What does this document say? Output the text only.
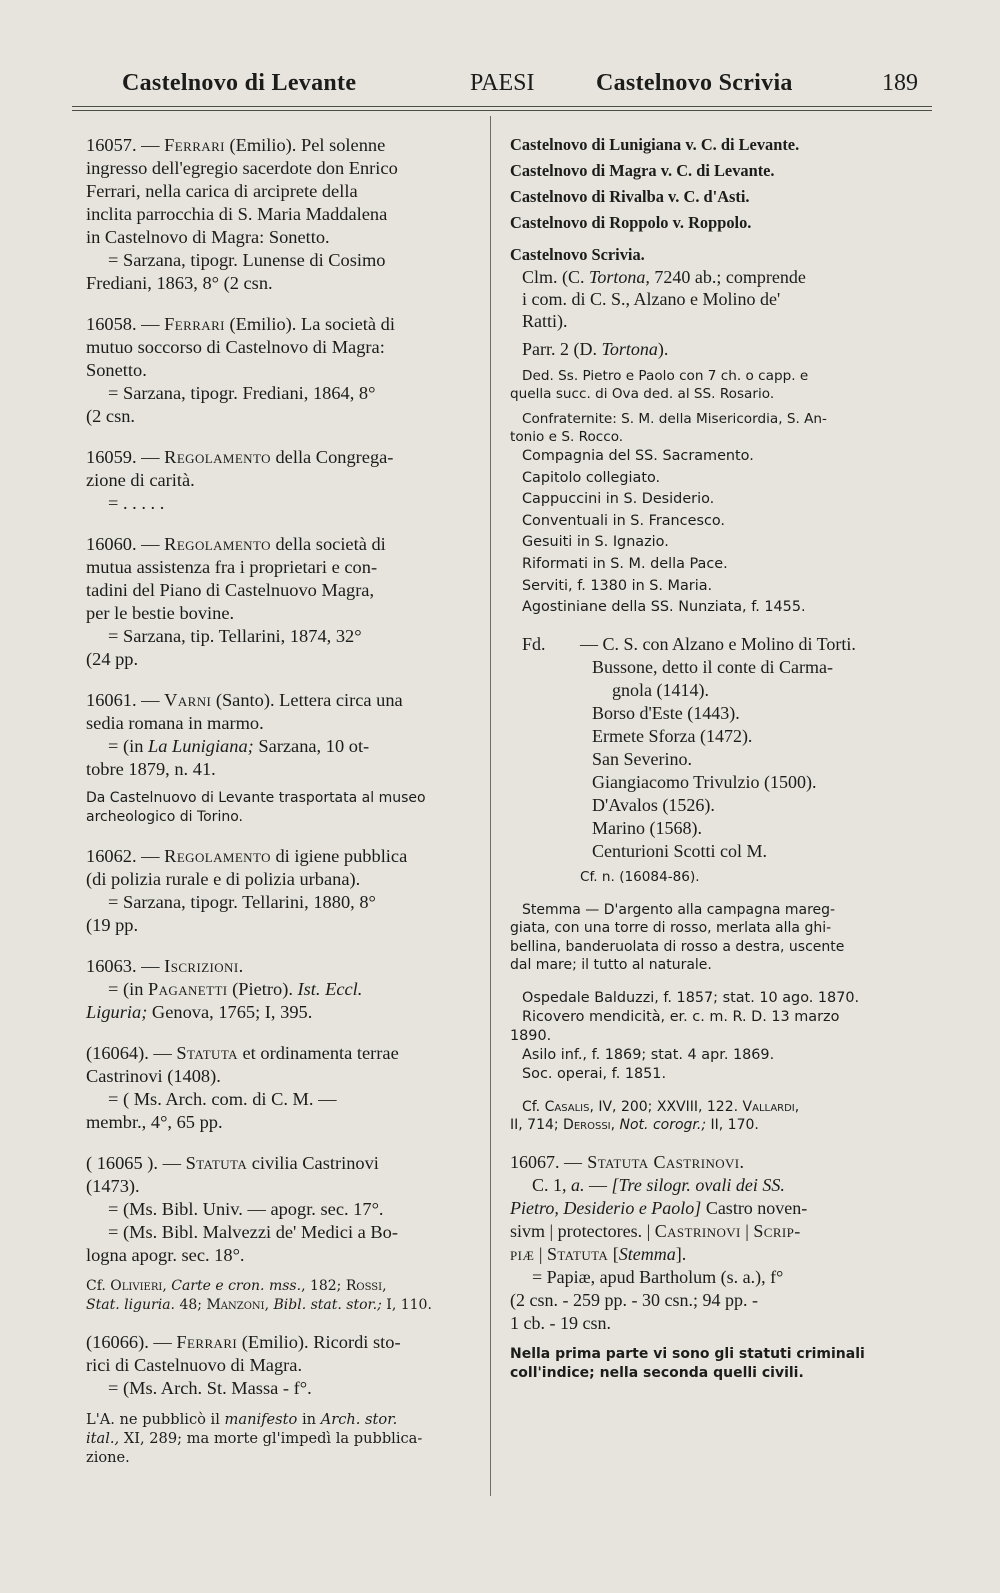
Castelnovo di Levante	PAESI	Castelnovo Scrivia	189
16057. — Ferrari (Emilio). Pel solenne
ingresso dell'egregio sacerdote don Enrico
Ferrari, nella carica di arciprete della
inclita parrocchia di S. Maria Maddalena
in Castelnovo di Magra: Sonetto.
= Sarzana, tipogr. Lunense di Cosimo
Frediani, 1863, 8° (2 csn.
16058. — Ferrari (Emilio). La società di
mutuo soccorso di Castelnovo di Magra:
Sonetto.
= Sarzana, tipogr. Frediani, 1864, 8°
(2 csn.
16059. — Regolamento della Congrega-
zione di carità.
= . . . . .
16060. — Regolamento della società di
mutua assistenza fra i proprietari e con-
tadini del Piano di Castelnuovo Magra,
per le bestie bovine.
= Sarzana, tip. Tellarini, 1874, 32°
(24 pp.
16061. — Varni (Santo). Lettera circa una
sedia romana in marmo.
= (in La Lunigiana; Sarzana, 10 ot-
tobre 1879, n. 41.
Da Castelnuovo di Levante trasportata al museo
archeologico di Torino.
16062. — Regolamento di igiene pubblica
(di polizia rurale e di polizia urbana).
= Sarzana, tipogr. Tellarini, 1880, 8°
(19 pp.
16063. — Iscrizioni.
= (in Paganetti (Pietro). Ist. Eccl.
Liguria; Genova, 1765; I, 395.
(16064). — Statuta et ordinamenta terrae
Castrinovi (1408).
= ( Ms. Arch. com. di C. M. —
membr., 4°, 65 pp.
( 16065 ). — Statuta civilia Castrinovi
(1473).
= (Ms. Bibl. Univ. — apogr. sec. 17°.
= (Ms. Bibl. Malvezzi de' Medici a Bo-
logna apogr. sec. 18°.
Cf. Olivieri, Carte e cron. mss., 182; Rossi,
Stat. liguria. 48; Manzoni, Bibl. stat. stor.; I, 110.
(16066). — Ferrari (Emilio). Ricordi sto-
rici di Castelnuovo di Magra.
= (Ms. Arch. St. Massa - f°.
L'A. ne pubblicò il manifesto in Arch. stor.
ital., XI, 289; ma morte gl'impedì la pubblica-
zione.
Castelnovo di Lunigiana v. C. di Levante.
Castelnovo di Magra v. C. di Levante.
Castelnovo di Rivalba v. C. d'Asti.
Castelnovo di Roppolo v. Roppolo.
Castelnovo Scrivia.
Clm. (C. Tortona, 7240 ab.; comprende
i com. di C. S., Alzano e Molino de'
Ratti).
Parr. 2 (D. Tortona).
Ded. Ss. Pietro e Paolo con 7 ch. o capp. e
quella succ. di Ova ded. al SS. Rosario.
Confraternite: S. M. della Misericordia, S. An-
tonio e S. Rocco.
Compagnia del SS. Sacramento.
Capitolo collegiato.
Cappuccini in S. Desiderio.
Conventuali in S. Francesco.
Gesuiti in S. Ignazio.
Riformati in S. M. della Pace.
Serviti, f. 1380 in S. Maria.
Agostiniane della SS. Nunziata, f. 1455.
Fd. — C. S. con Alzano e Molino di Torti.
Bussone, detto il conte di Carma-
gnola (1414).
Borso d'Este (1443).
Ermete Sforza (1472).
San Severino.
Giangiacomo Trivulzio (1500).
D'Avalos (1526).
Marino (1568).
Centurioni Scotti col M.
Cf. n. (16084-86).
Stemma — D'argento alla campagna mareg-
giata, con una torre di rosso, merlata alla ghi-
bellina, banderuolata di rosso a destra, uscente
dal mare; il tutto al naturale.
Ospedale Balduzzi, f. 1857; stat. 10 ago. 1870.
Ricovero mendicità, er. c. m. R. D. 13 marzo
1890.
Asilo inf., f. 1869; stat. 4 apr. 1869.
Soc. operai, f. 1851.
Cf. Casalis, IV, 200; XXVIII, 122. Vallardi,
II, 714; Derossi, Not. corogr.; II, 170.
16067. — Statuta Castrinovi.
C. 1, a. — [Tre silogr. ovali dei SS.
Pietro, Desiderio e Paolo] Castro noven-
sivm | protectores. | Castrinovi | Scrip-
piæ | Statuta [Stemma].
= Papiæ, apud Bartholum (s. a.), f°
(2 csn. - 259 pp. - 30 csn.; 94 pp. -
1 cb. - 19 csn.
Nella prima parte vi sono gli statuti criminali
coll'indice; nella seconda quelli civili.
